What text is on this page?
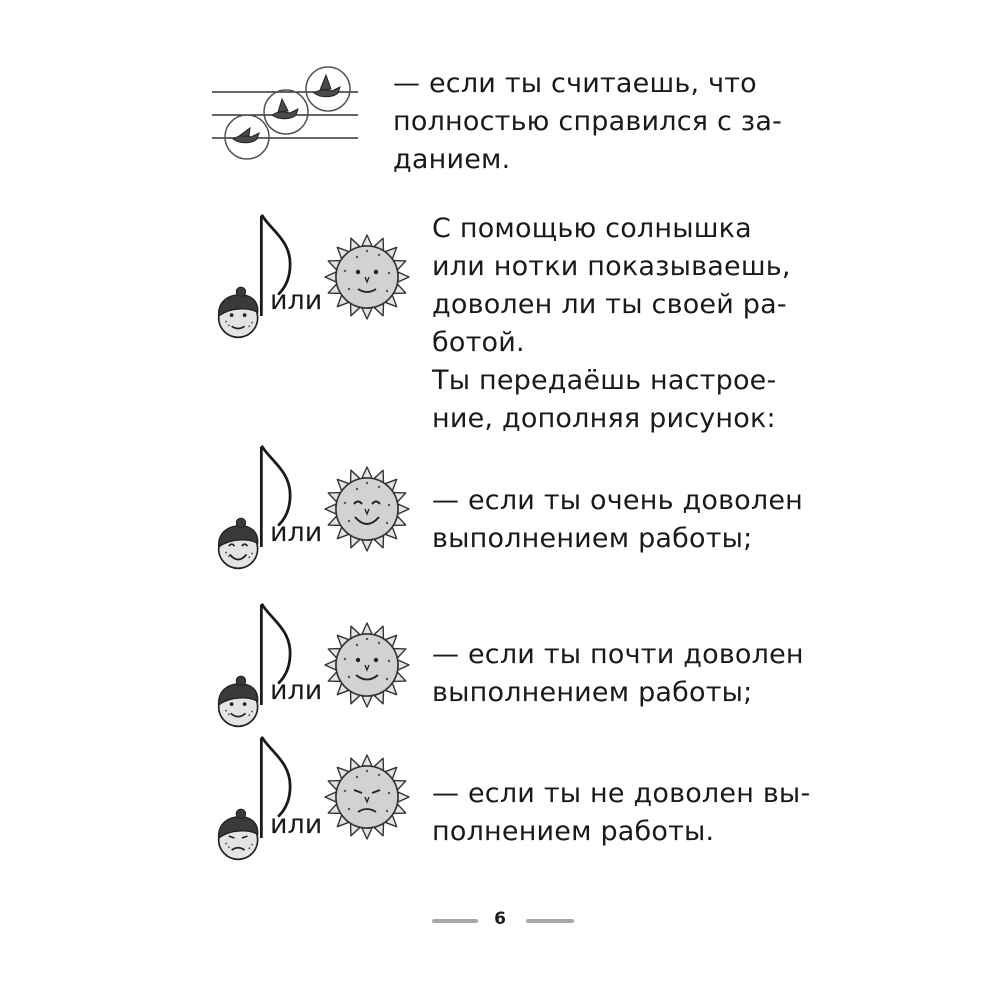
— если ты считаешь, что

полностью справился с за-

данием.

или

С помощью солнышка

или нотки показываешь,

доволен ли ты своей ра-

ботой.

Ты передаёшь настрое-

ние, дополняя рисунок:

или
— если ты очень доволен
выполнением работы;
или
— если ты почти доволен
выполнением работы;
или
— если ты не доволен вы-
полнением работы.
6
